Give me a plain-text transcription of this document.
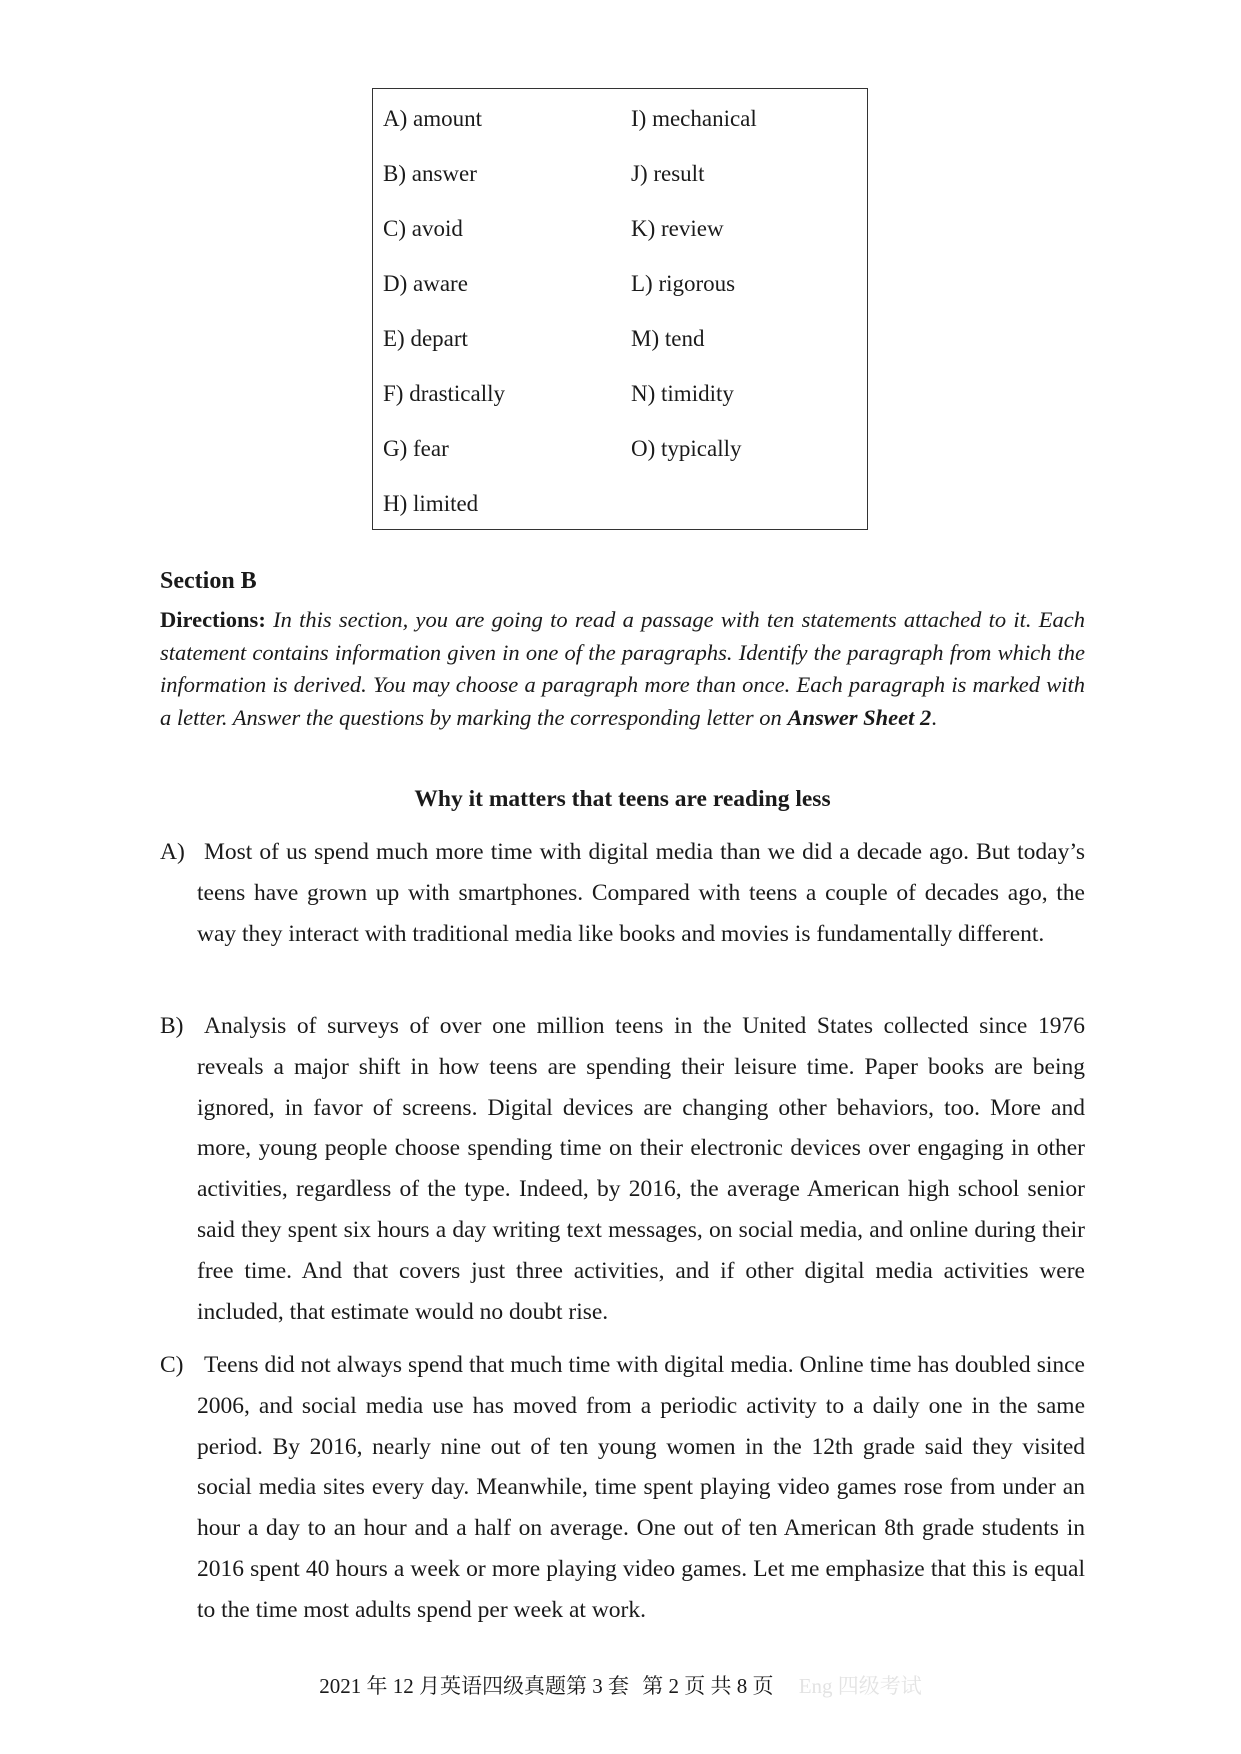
A) amount
B) answer
C) avoid
D) aware
E) depart
F) drastically
G) fear
H) limited
I) mechanical
J) result
K) review
L) rigorous
M) tend
N) timidity
O) typically
Section B
Directions: In this section, you are going to read a passage with ten statements attached to it. Each statement contains information given in one of the paragraphs. Identify the paragraph from which the information is derived. You may choose a paragraph more than once. Each paragraph is marked with a letter. Answer the questions by marking the corresponding letter on Answer Sheet 2.
Why it matters that teens are reading less
A) Most of us spend much more time with digital media than we did a decade ago. But today’s teens have grown up with smartphones. Compared with teens a couple of decades ago, the way they interact with traditional media like books and movies is fundamentally different.
B) Analysis of surveys of over one million teens in the United States collected since 1976 reveals a major shift in how teens are spending their leisure time. Paper books are being ignored, in favor of screens. Digital devices are changing other behaviors, too. More and more, young people choose spending time on their electronic devices over engaging in other activities, regardless of the type. Indeed, by 2016, the average American high school senior said they spent six hours a day writing text messages, on social media, and online during their free time. And that covers just three activities, and if other digital media activities were included, that estimate would no doubt rise.
C) Teens did not always spend that much time with digital media. Online time has doubled since 2006, and social media use has moved from a periodic activity to a daily one in the same period. By 2016, nearly nine out of ten young women in the 12th grade said they visited social media sites every day. Meanwhile, time spent playing video games rose from under an hour a day to an hour and a half on average. One out of ten American 8th grade students in 2016 spent 40 hours a week or more playing video games. Let me emphasize that this is equal to the time most adults spend per week at work.
2021 年 12 月英语四级真题第 3 套 第 2 页 共 8 页 Eng 四级考试
